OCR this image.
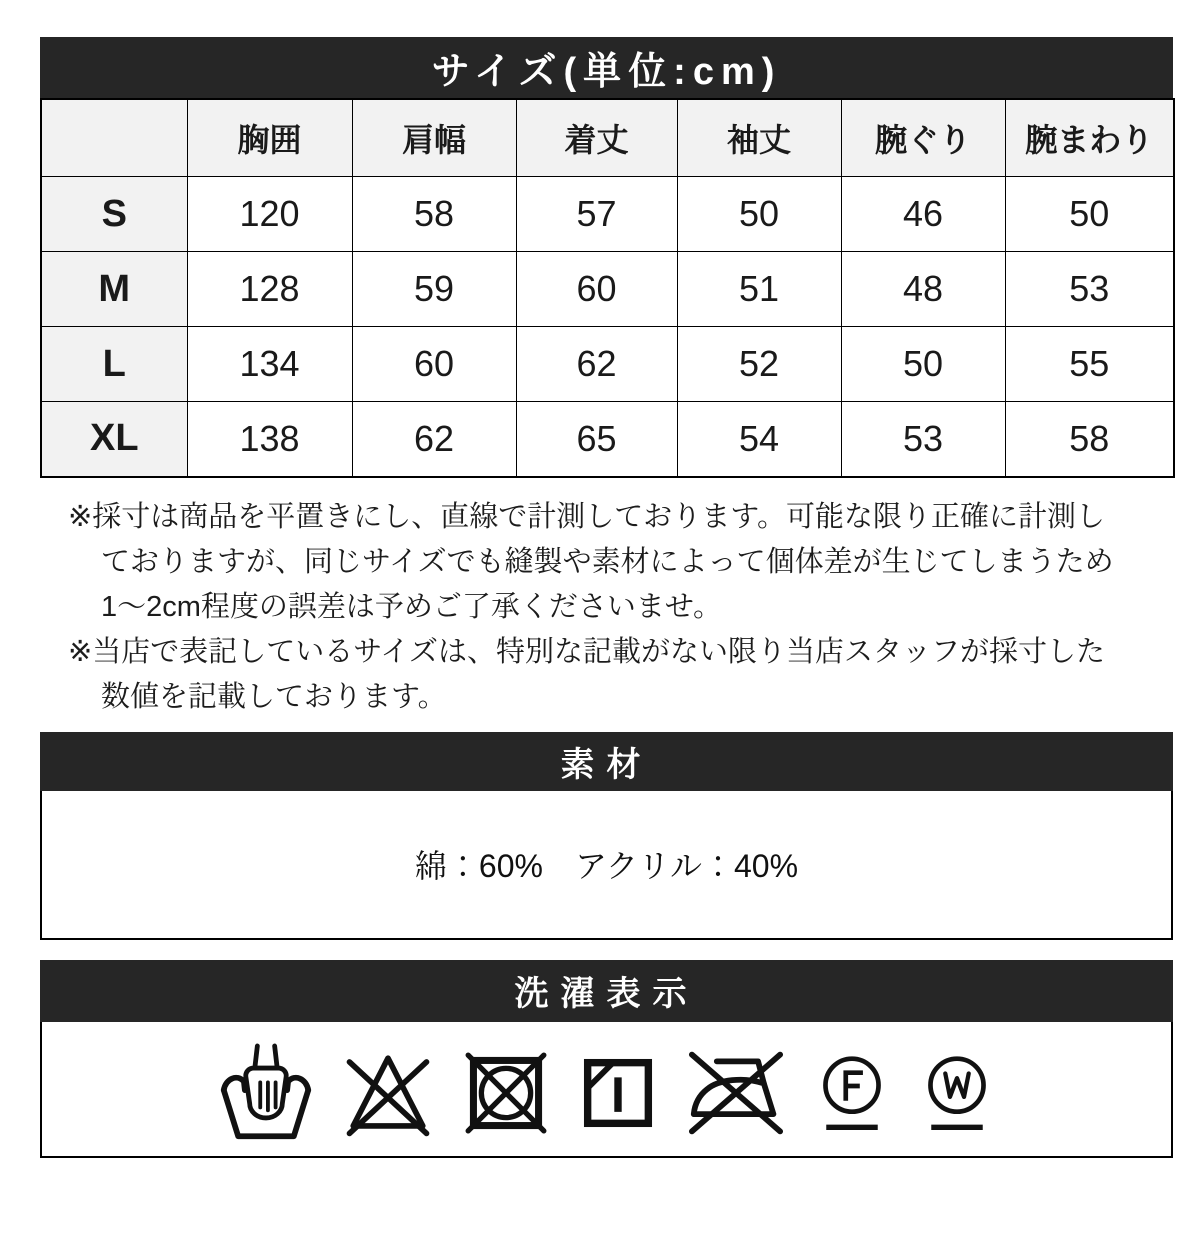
サイズ(単位:cm)
	胸囲	肩幅	着丈	袖丈	腕ぐり	腕まわり
S	120	58	57	50	46	50
M	128	59	60	51	48	53
L	134	60	62	52	50	55
XL	138	62	65	54	53	58
※採寸は商品を平置きにし、直線で計測しております。可能な限り正確に計測し
ておりますが、同じサイズでも縫製や素材によって個体差が生じてしまうため
1〜2cm程度の誤差は予めご了承くださいませ。
※当店で表記しているサイズは、特別な記載がない限り当店スタッフが採寸した
数値を記載しております。
素材
綿：60%　アクリル：40%
洗濯表示
